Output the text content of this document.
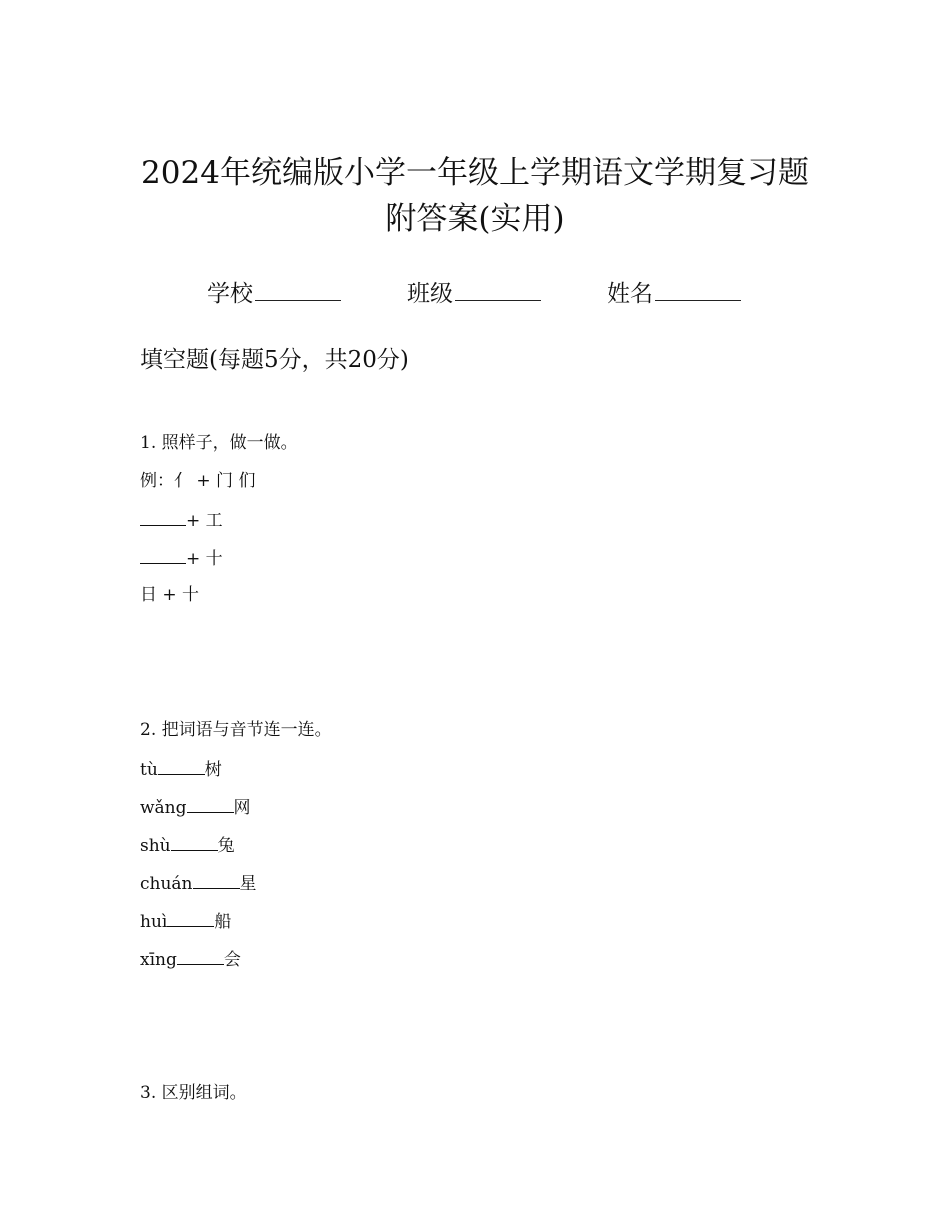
2024年统编版小学一年级上学期语文学期复习题
附答案(实用)
学校	班级	姓名
填空题(每题5分，共20分)
1. 照样子，做一做。
例：亻 + 门 们
+ 工
+ 十
日 + 十
2. 把词语与音节连一连。
tù	树
wǎng	网
shù	兔
chuán	星
huì	船
xīng	会
3. 区别组词。
